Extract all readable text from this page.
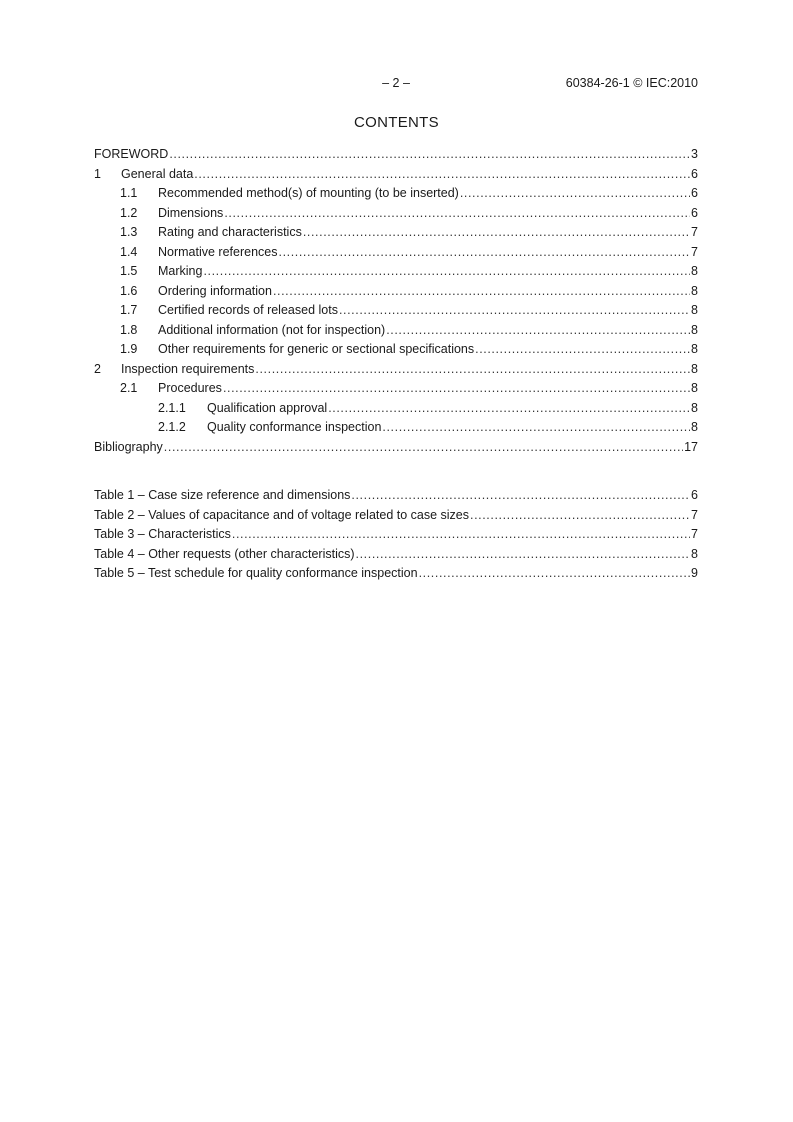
– 2 –	60384-26-1 © IEC:2010
CONTENTS
FOREWORD .....	3
1	General data .....	6
1.1	Recommended method(s) of mounting (to be inserted) .....	6
1.2	Dimensions .....	6
1.3	Rating and characteristics .....	7
1.4	Normative references .....	7
1.5	Marking .....	8
1.6	Ordering information .....	8
1.7	Certified records of released lots .....	8
1.8	Additional information (not for inspection) .....	8
1.9	Other requirements for generic or sectional specifications .....	8
2	Inspection requirements .....	8
2.1	Procedures .....	8
2.1.1	Qualification approval .....	8
2.1.2	Quality conformance inspection .....	8
Bibliography .....	17
Table 1 – Case size reference and dimensions .....	6
Table 2 – Values of capacitance and of voltage related to case sizes .....	7
Table 3 – Characteristics .....	7
Table 4 – Other requests (other characteristics) .....	8
Table 5 – Test schedule for quality conformance inspection .....	9
